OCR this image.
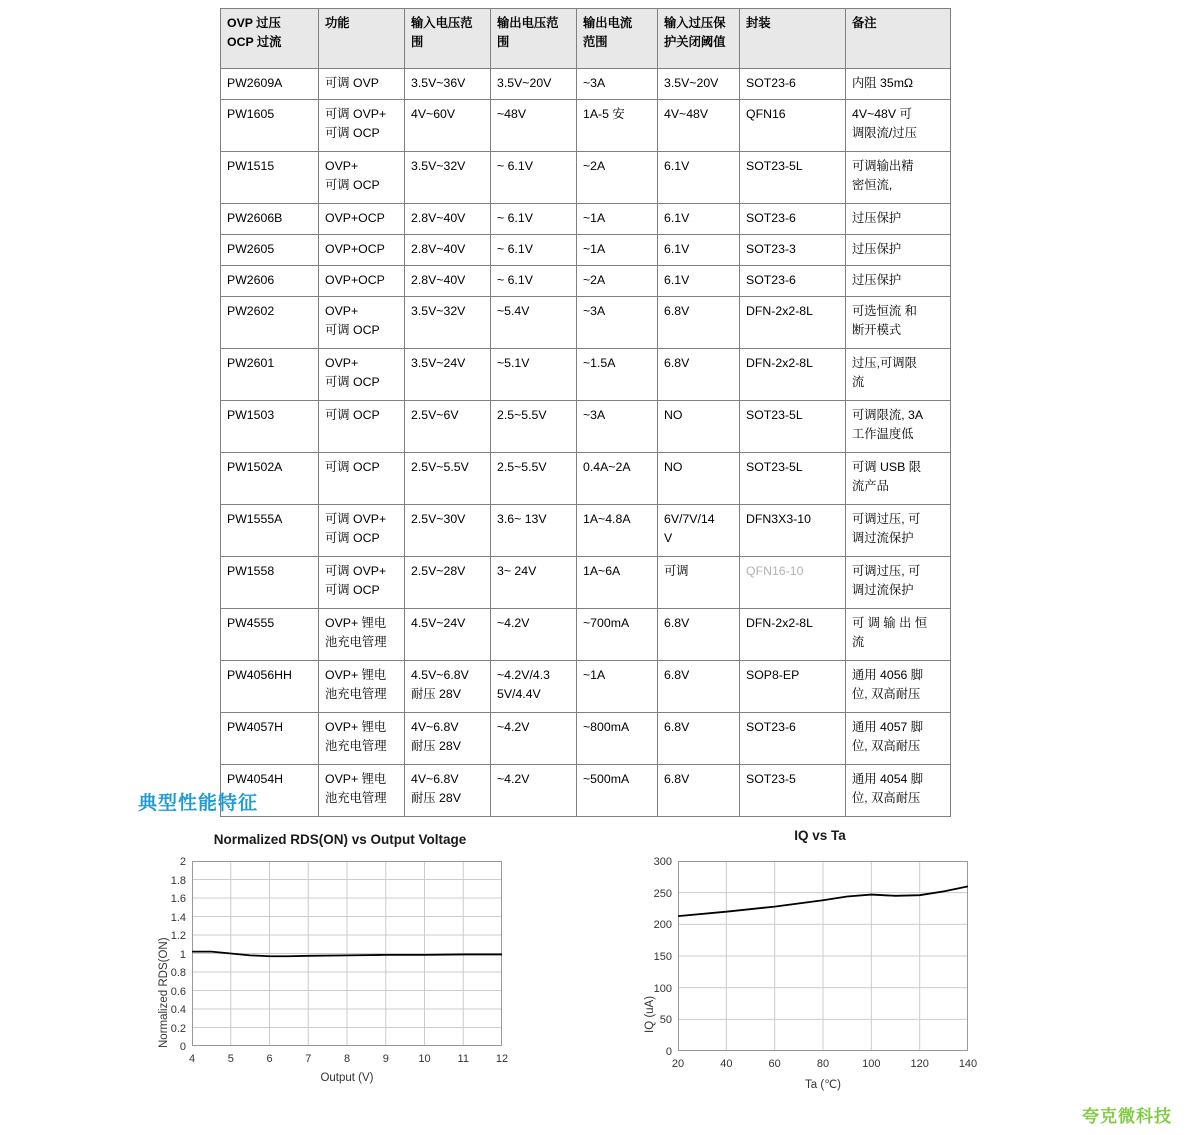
OVP 过压
OCP 过流	功能	输入电压范
围	输出电压范
围	输出电流
范围	输入过压保
护关闭阈值	封装	备注

PW2609A	可调 OVP	3.5V~36V	3.5V~20V	~3A	3.5V~20V	SOT23-6	内阻 35mΩ

PW1605	可调 OVP+
可调 OCP	4V~60V	~48V	1A-5 安	4V~48V	QFN16	4V~48V 可
调限流/过压

PW1515	OVP+
可调 OCP	3.5V~32V	~ 6.1V	~2A	6.1V	SOT23-5L	可调输出精
密恒流,

PW2606B	OVP+OCP	2.8V~40V	~ 6.1V	~1A	6.1V	SOT23-6	过压保护

PW2605	OVP+OCP	2.8V~40V	~ 6.1V	~1A	6.1V	SOT23-3	过压保护

PW2606	OVP+OCP	2.8V~40V	~ 6.1V	~2A	6.1V	SOT23-6	过压保护

PW2602	OVP+
可调 OCP	3.5V~32V	~5.4V	~3A	6.8V	DFN-2x2-8L	可选恒流 和
断开模式

PW2601	OVP+
可调 OCP	3.5V~24V	~5.1V	~1.5A	6.8V	DFN-2x2-8L	过压,可调限
流

PW1503	可调 OCP	2.5V~6V	2.5~5.5V	~3A	NO	SOT23-5L	可调限流, 3A
工作温度低

PW1502A	可调 OCP	2.5V~5.5V	2.5~5.5V	0.4A~2A	NO	SOT23-5L	可调 USB 限
流产品

PW1555A	可调 OVP+
可调 OCP	2.5V~30V	3.6~ 13V	1A~4.8A	6V/7V/14
V	DFN3X3-10	可调过压, 可
调过流保护

PW1558	可调 OVP+
可调 OCP	2.5V~28V	3~ 24V	1A~6A	可调	QFN16-10	可调过压, 可
调过流保护

PW4555	OVP+ 锂电
池充电管理	4.5V~24V	~4.2V	~700mA	6.8V	DFN-2x2-8L	可 调 输 出 恒
流

PW4056HH	OVP+ 锂电
池充电管理	4.5V~6.8V
耐压 28V	~4.2V/4.3
5V/4.4V	~1A	6.8V	SOP8-EP	通用 4056 脚
位, 双高耐压

PW4057H	OVP+ 锂电
池充电管理	4V~6.8V
耐压 28V	~4.2V	~800mA	6.8V	SOT23-6	通用 4057 脚
位, 双高耐压

PW4054H	OVP+ 锂电
池充电管理	4V~6.8V
耐压 28V	~4.2V	~500mA	6.8V	SOT23-5	通用 4054 脚
位, 双高耐压
典型性能特征
Normalized RDS(ON) vs Output Voltage
Normalized RDS(ON)
Output (V)
4	5	6	7	8	9	10	11	12
0
0.2
0.4
0.6
0.8
1
1.2
1.4
1.6
1.8
2
IQ vs Ta
IQ (uA)
Ta (℃)
20	40	60	80	100	120	140
0
50
100
150
200
250
300
夸克微科技
